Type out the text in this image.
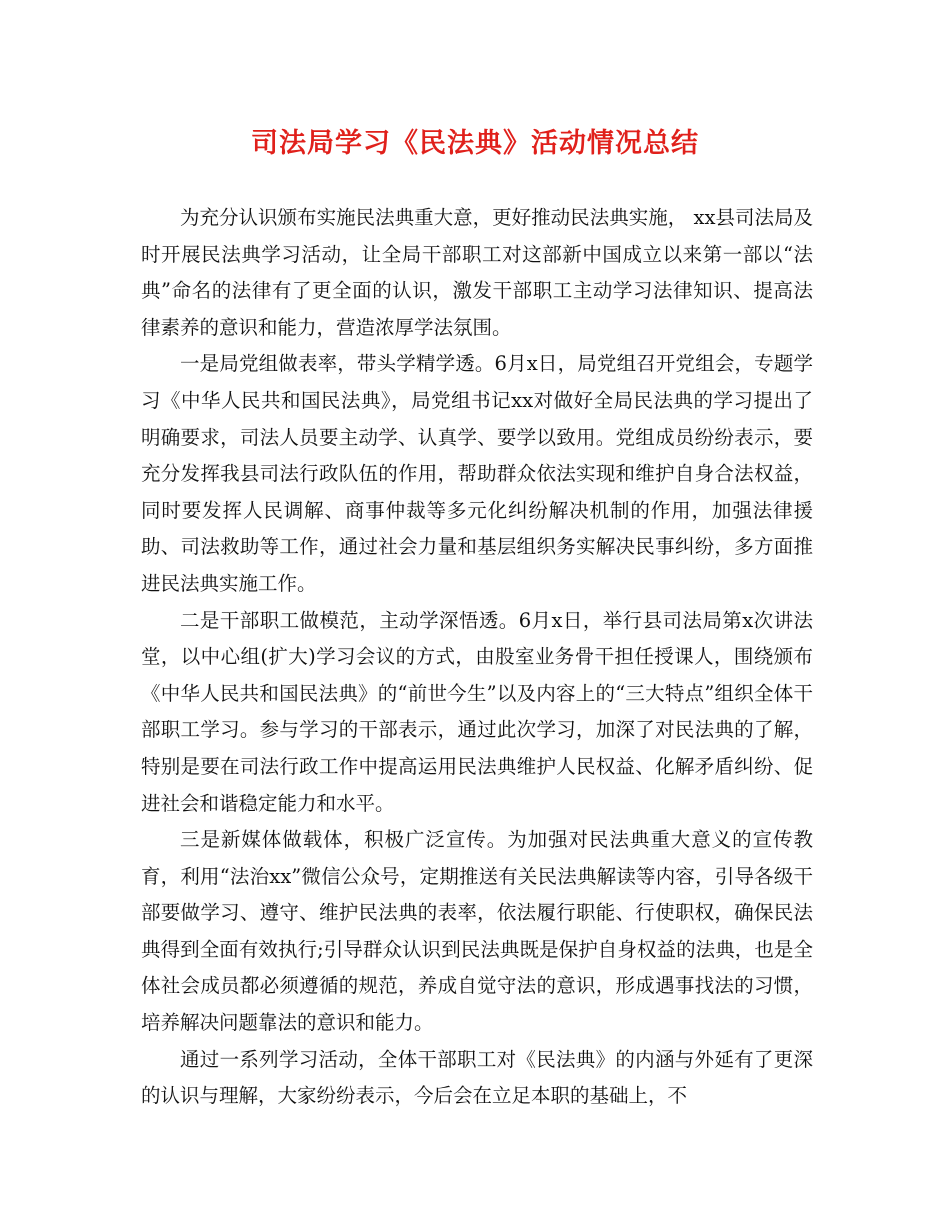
司法局学习《民法典》活动情况总结

为充分认识颁布实施民法典重大意，更好推动民法典实施， xx县司法局及时开展民法典学习活动，让全局干部职工对这部新中国成立以来第一部以“法典”命名的法律有了更全面的认识，激发干部职工主动学习法律知识、提高法律素养的意识和能力，营造浓厚学法氛围。

一是局党组做表率，带头学精学透。6月x日，局党组召开党组会，专题学习《中华人民共和国民法典》，局党组书记xx对做好全局民法典的学习提出了明确要求，司法人员要主动学、认真学、要学以致用。党组成员纷纷表示，要充分发挥我县司法行政队伍的作用，帮助群众依法实现和维护自身合法权益，同时要发挥人民调解、商事仲裁等多元化纠纷解决机制的作用，加强法律援助、司法救助等工作，通过社会力量和基层组织务实解决民事纠纷，多方面推进民法典实施工作。

二是干部职工做模范，主动学深悟透。6月x日，举行县司法局第x次讲法堂，以中心组(扩大)学习会议的方式，由股室业务骨干担任授课人，围绕颁布《中华人民共和国民法典》的“前世今生”以及内容上的“三大特点”组织全体干部职工学习。参与学习的干部表示，通过此次学习，加深了对民法典的了解，特别是要在司法行政工作中提高运用民法典维护人民权益、化解矛盾纠纷、促进社会和谐稳定能力和水平。

三是新媒体做载体，积极广泛宣传。为加强对民法典重大意义的宣传教育，利用“法治xx”微信公众号，定期推送有关民法典解读等内容，引导各级干部要做学习、遵守、维护民法典的表率，依法履行职能、行使职权，确保民法典得到全面有效执行;引导群众认识到民法典既是保护自身权益的法典，也是全体社会成员都必须遵循的规范，养成自觉守法的意识，形成遇事找法的习惯，培养解决问题靠法的意识和能力。

通过一系列学习活动，全体干部职工对《民法典》的内涵与外延有了更深的认识与理解，大家纷纷表示，今后会在立足本职的基础上，不
